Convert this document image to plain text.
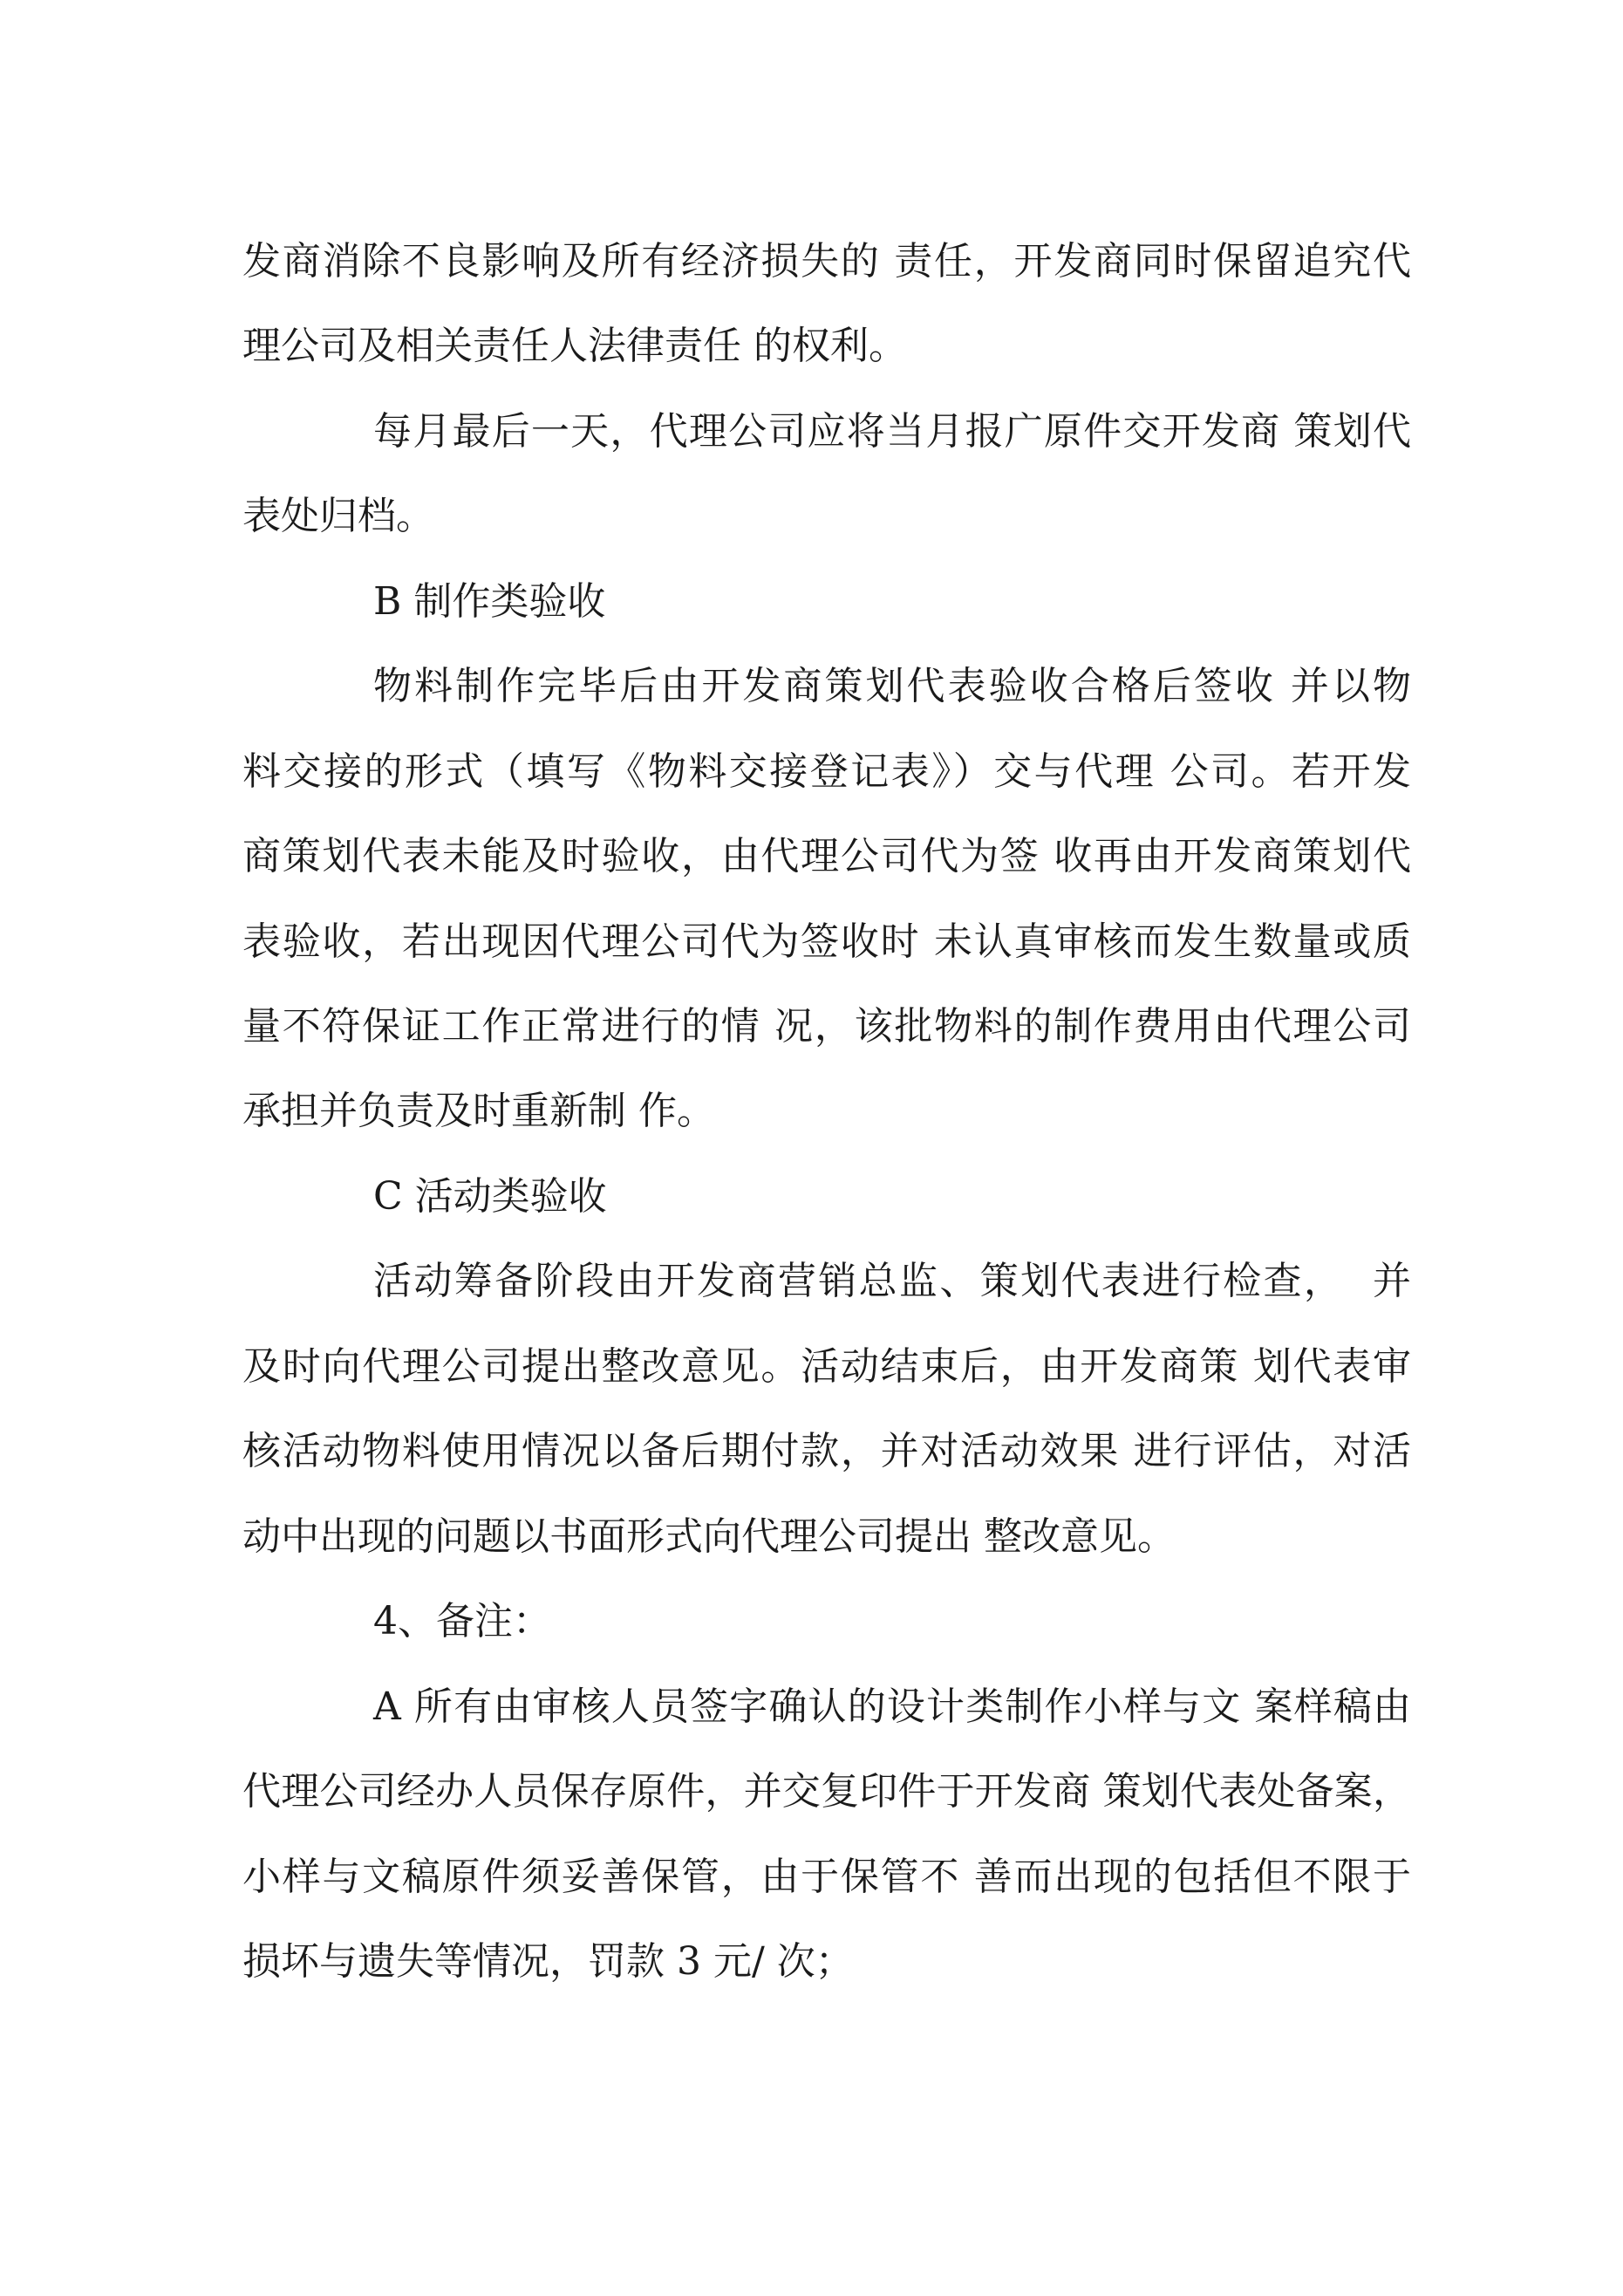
发商消除不良影响及所有经济损失的 责任，开发商同时保留追究代
理公司及相关责任人法律责任 的权利。
每月最后一天，代理公司应将当月报广原件交开发商 策划代
表处归档。
B 制作类验收
物料制作完毕后由开发商策划代表验收合格后签收 并以物
料交接的形式（填写《物料交接登记表》）交与代理 公司。若开发
商策划代表未能及时验收，由代理公司代为签 收再由开发商策划代
表验收，若出现因代理公司代为签收时 未认真审核而发生数量或质
量不符保证工作正常进行的情 况，该批物料的制作费用由代理公司
承担并负责及时重新制 作。
C 活动类验收
活动筹备阶段由开发商营销总监、策划代表进行检查，  并
及时向代理公司提出整改意见。活动结束后，由开发商策 划代表审
核活动物料使用情况以备后期付款，并对活动效果 进行评估，对活
动中出现的问题以书面形式向代理公司提出 整改意见。
4、备注：
A 所有由审核人员签字确认的设计类制作小样与文 案样稿由
代理公司经办人员保存原件，并交复印件于开发商 策划代表处备案，
小样与文稿原件须妥善保管，由于保管不 善而出现的包括但不限于
损坏与遗失等情况，罚款 3 元/ 次；
